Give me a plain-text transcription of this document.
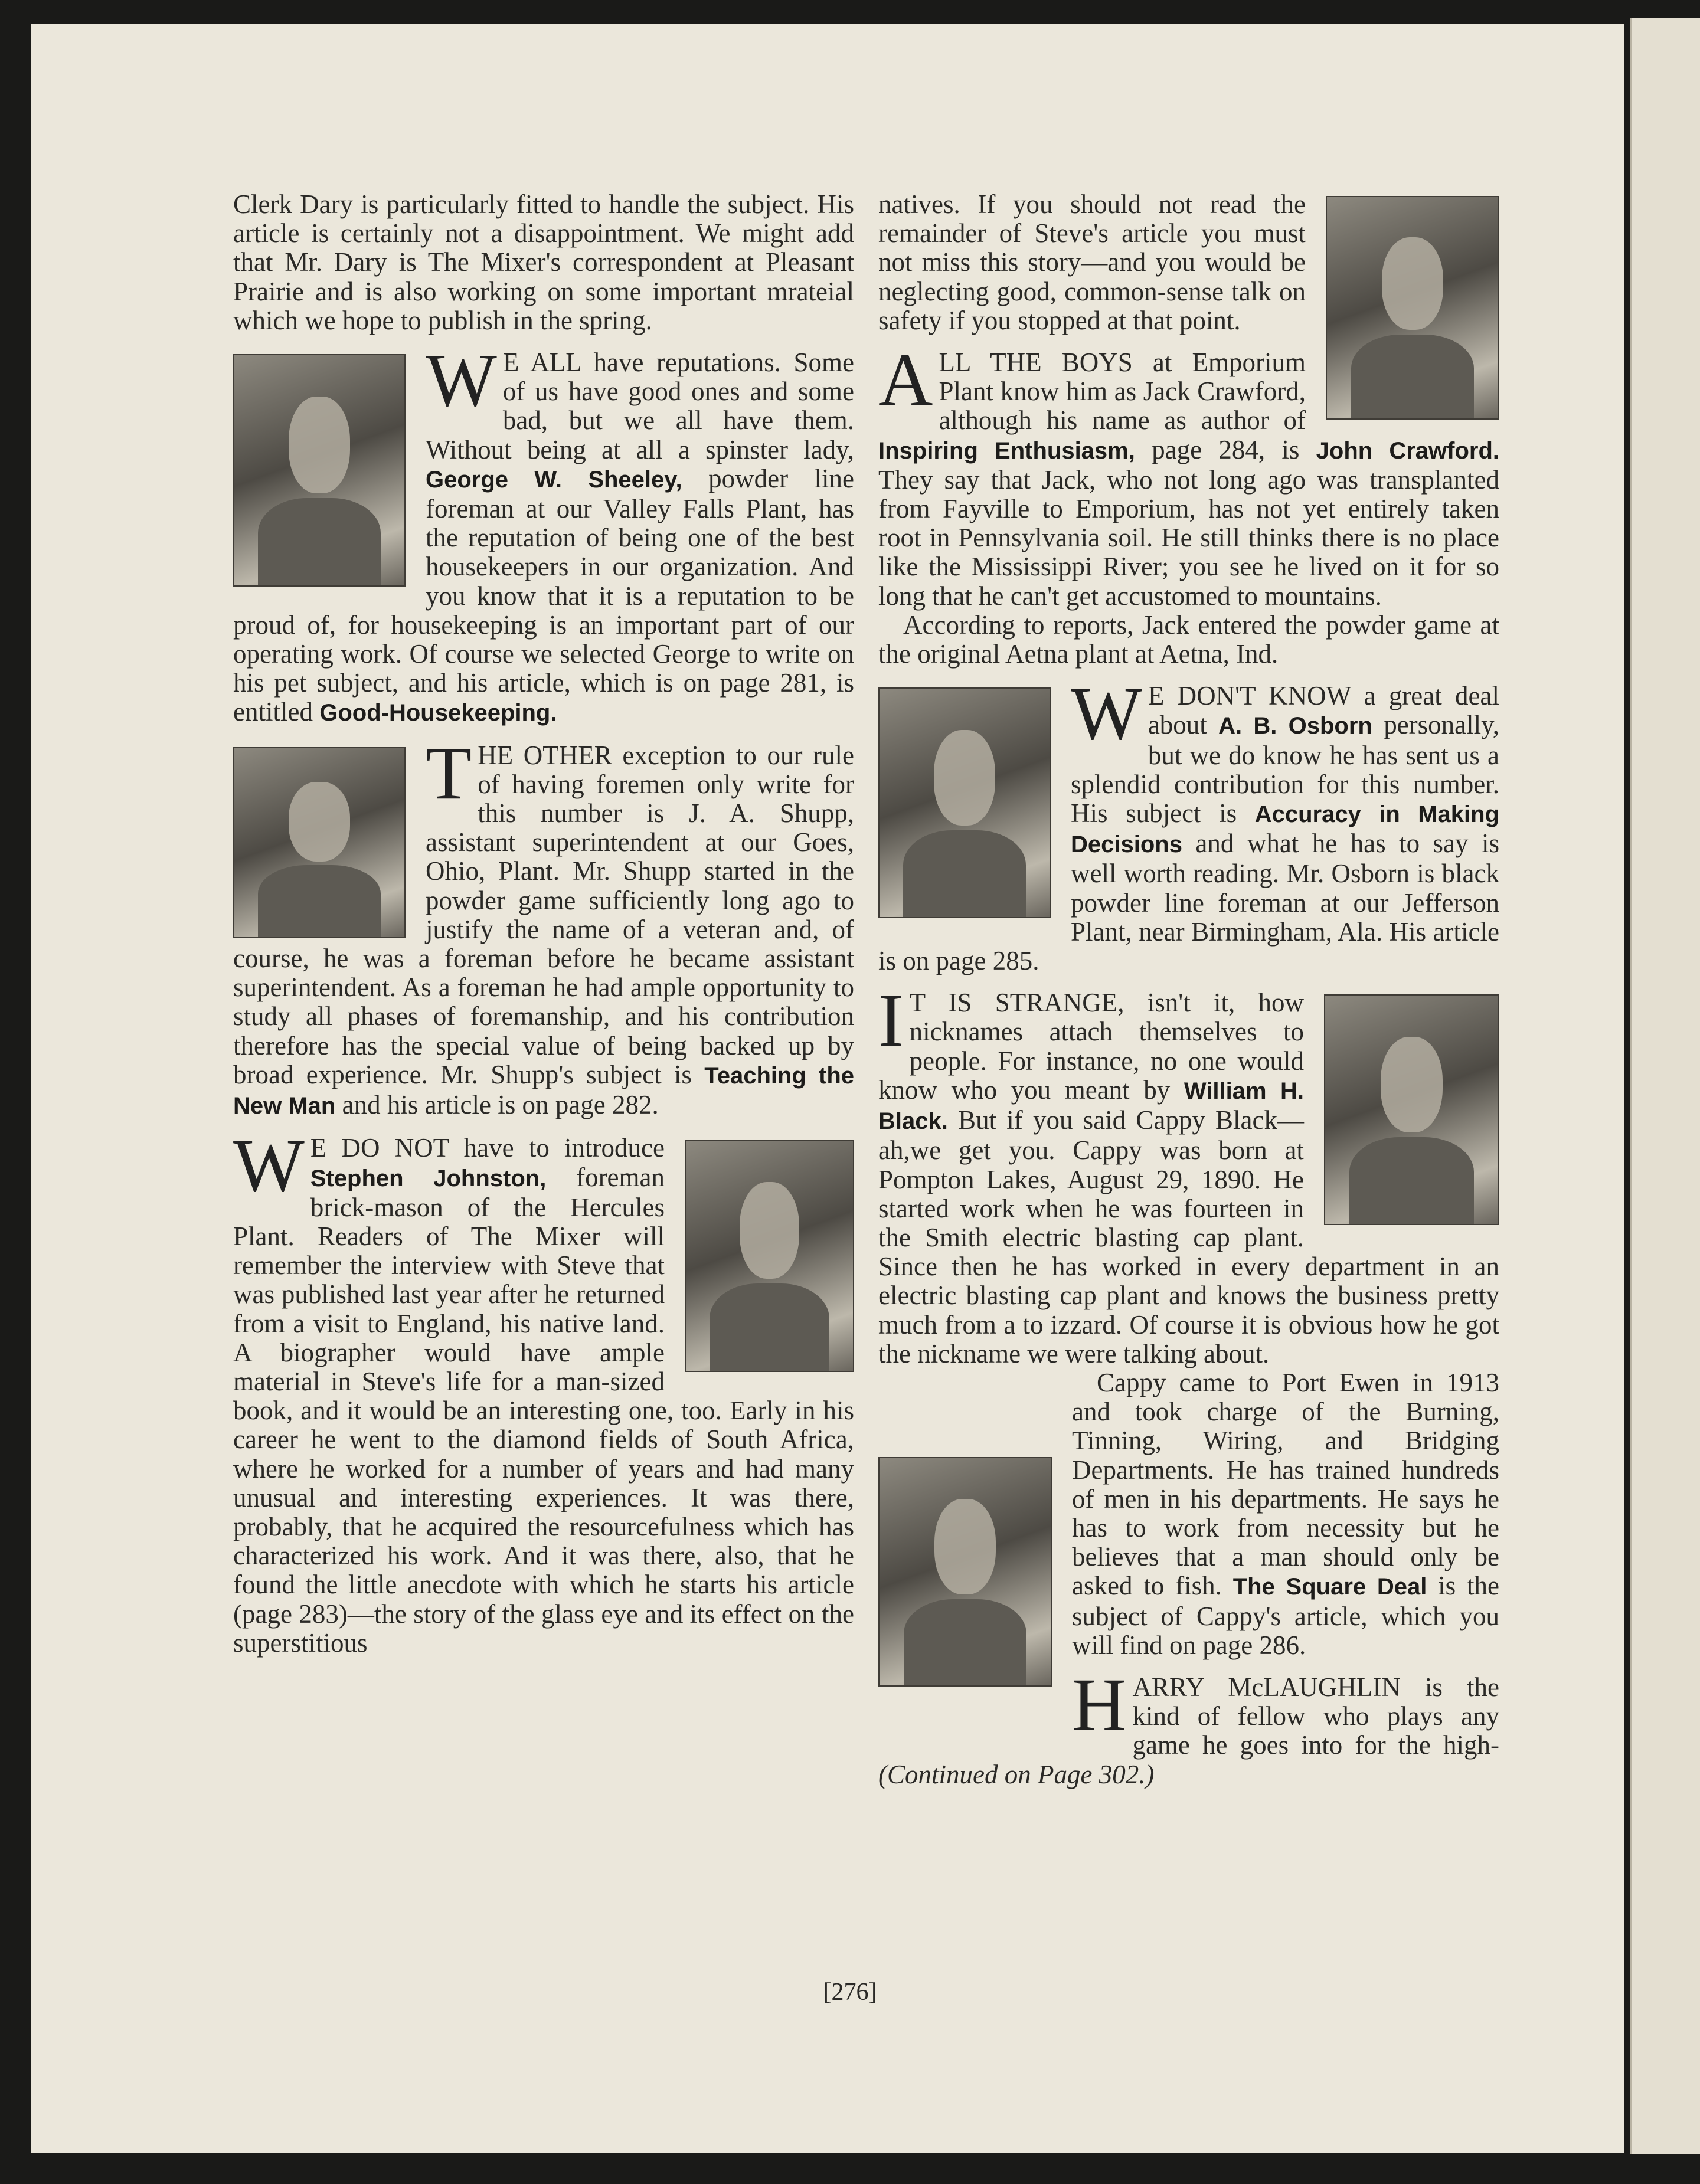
Clerk Dary is particularly fitted to handle the subject. His article is certainly not a disappointment. We might add that Mr. Dary is The Mixer's correspondent at Pleasant Prairie and is also working on some important mrateial which we hope to publish in the spring.

W E ALL have reputations. Some of us have good ones and some bad, but we all have them. Without being at all a spinster lady, George W. Sheeley, powder line foreman at our Valley Falls Plant, has the reputation of being one of the best housekeepers in our organization. And you know that it is a reputation to be proud of, for housekeeping is an important part of our operating work. Of course we selected George to write on his pet subject, and his article, which is on page 281, is entitled Good-Housekeeping.

THE OTHER exception to our rule of having foremen only write for this number is J. A. Shupp, assistant superintendent at our Goes, Ohio, Plant. Mr. Shupp started in the powder game sufficiently long ago to justify the name of a veteran and, of course, he was a foreman before he became assistant superintendent. As a foreman he had ample opportunity to study all phases of foremanship, and his contribution therefore has the special value of being backed up by broad experience. Mr. Shupp's subject is Teaching the New Man and his article is on page 282.

W E DO NOT have to introduce Stephen Johnston, foreman brick-mason of the Hercules Plant. Readers of The Mixer will remember the interview with Steve that was published last year after he returned from a visit to England, his native land. A biographer would have ample material in Steve's life for a man-sized book, and it would be an interesting one, too. Early in his career he went to the diamond fields of South Africa, where he worked for a number of years and had many unusual and interesting experiences. It was there, probably, that he acquired the resourcefulness which has characterized his work. And it was there, also, that he found the little anecdote with which he starts his article (page 283)—the story of the glass eye and its effect on the superstitious

natives. If you should not read the remainder of Steve's article you must not miss this story—and you would be neglecting good, common-sense talk on safety if you stopped at that point.

ALL THE BOYS at Emporium Plant know him as Jack Crawford, although his name as author of Inspiring Enthusiasm, page 284, is John Crawford. They say that Jack, who not long ago was transplanted from Fayville to Emporium, has not yet entirely taken root in Pennsylvania soil. He still thinks there is no place like the Mississippi River; you see he lived on it for so long that he can't get accustomed to mountains.

According to reports, Jack entered the powder game at the original Aetna plant at Aetna, Ind.

W E DON'T KNOW a great deal about A. B. Osborn personally, but we do know he has sent us a splendid contribution for this number. His subject is Accuracy in Making Decisions and what he has to say is well worth reading. Mr. Osborn is black powder line foreman at our Jefferson Plant, near Birmingham, Ala. His article is on page 285.

I T IS STRANGE, isn't it, how nicknames attach themselves to people. For instance, no one would know who you meant by William H. Black. But if you said Cappy Black—ah,we get you. Cappy was born at Pompton Lakes, August 29, 1890. He started work when he was fourteen in the Smith electric blasting cap plant. Since then he has worked in every department in an electric blasting cap plant and knows the business pretty much from a to izzard. Of course it is obvious how he got the nickname we were talking about.

Cappy came to Port Ewen in 1913 and took charge of the Burning, Tinning, Wiring, and Bridging Departments. He has trained hundreds of men in his departments. He says he has to work from necessity but he believes that a man should only be asked to fish. The Square Deal is the subject of Cappy's article, which you will find on page 286.

HARRY McLAUGHLIN is the kind of fellow who plays any game he goes into for the high- (Continued on Page 302.)

[276]
